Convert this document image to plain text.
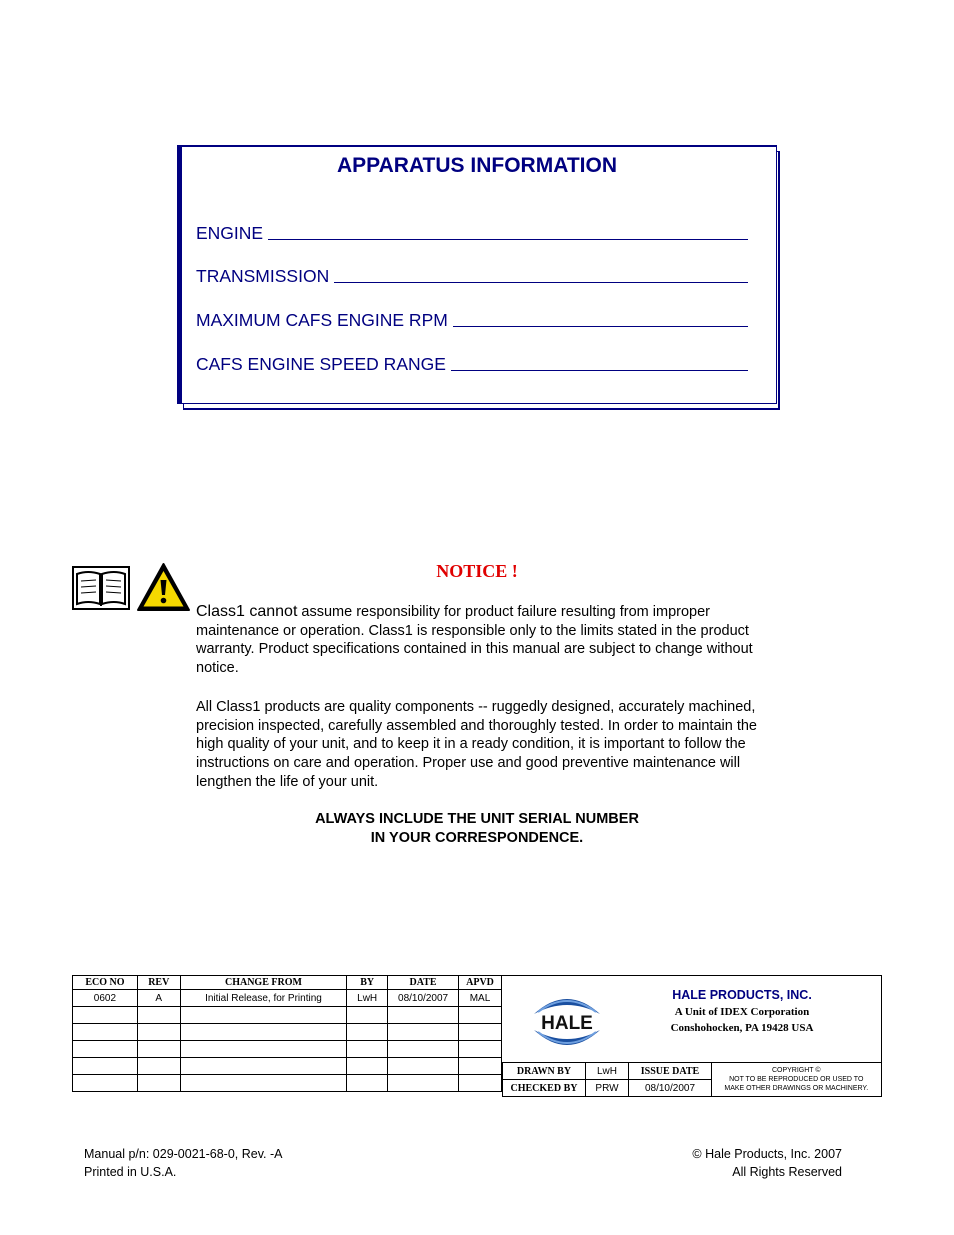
APPARATUS INFORMATION
ENGINE
TRANSMISSION
MAXIMUM CAFS ENGINE RPM
CAFS ENGINE SPEED RANGE
NOTICE !
Class1 cannot assume responsibility for product failure resulting from improper maintenance or operation. Class1 is responsible only to the limits stated in the product warranty. Product specifications contained in this manual are subject to change without notice.
All Class1 products are quality components -- ruggedly designed, accurately machined, precision inspected, carefully assembled and thoroughly tested. In order to maintain the high quality of your unit, and to keep it in a ready condition, it is important to follow the instructions on care and operation. Proper use and good preventive maintenance will lengthen the life of your unit.
ALWAYS INCLUDE THE UNIT SERIAL NUMBER
IN YOUR CORRESPONDENCE.
ECO NO	REV	CHANGE FROM	BY	DATE	APVD
0602	A	Initial Release, for Printing	LwH	08/10/2007	MAL

HALE
HALE PRODUCTS, INC.
A Unit of IDEX Corporation
Conshohocken, PA 19428 USA
DRAWN BY	LwH	ISSUE DATE	COPYRIGHT ©
NOT TO BE REPRODUCED OR USED TO
MAKE OTHER DRAWINGS OR MACHINERY.

CHECKED BY	PRW	08/10/2007	
Manual p/n: 029-0021-68-0, Rev. -A
Printed in U.S.A.
© Hale Products, Inc. 2007
All Rights Reserved
